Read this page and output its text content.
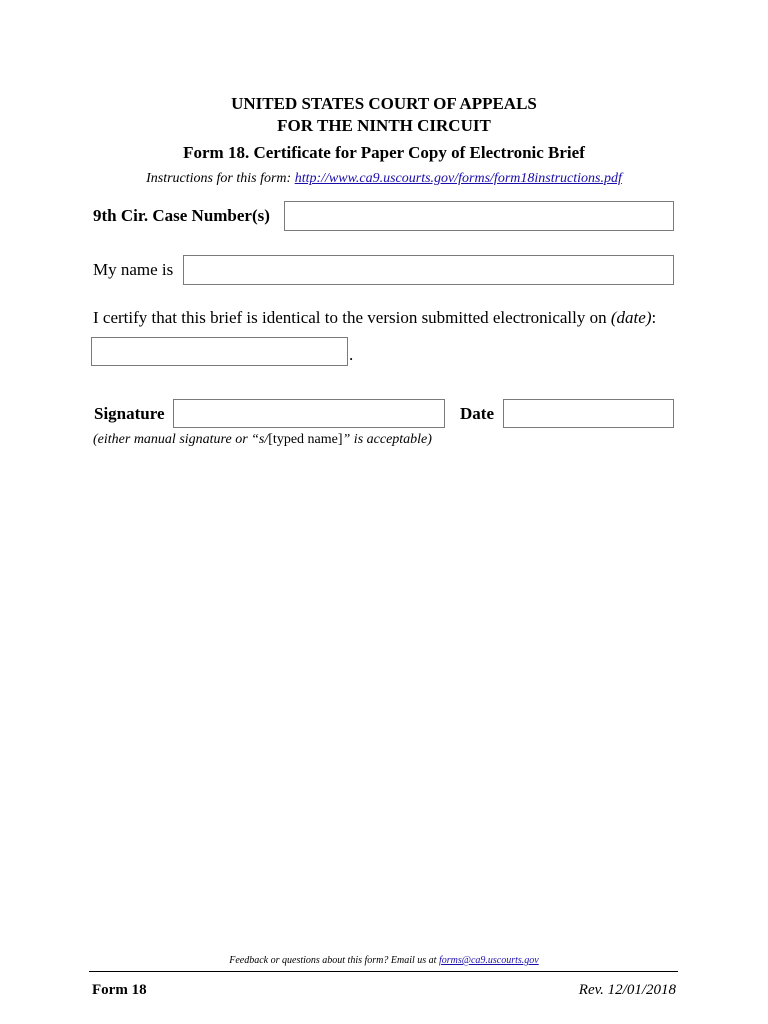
UNITED STATES COURT OF APPEALS
FOR THE NINTH CIRCUIT
Form 18. Certificate for Paper Copy of Electronic Brief
Instructions for this form: http://www.ca9.uscourts.gov/forms/form18instructions.pdf
9th Cir. Case Number(s)
My name is
I certify that this brief is identical to the version submitted electronically on (date):
.
Signature	Date
(either manual signature or “s/[typed name]” is acceptable)
Feedback or questions about this form? Email us at forms@ca9.uscourts.gov
Form 18	Rev. 12/01/2018
